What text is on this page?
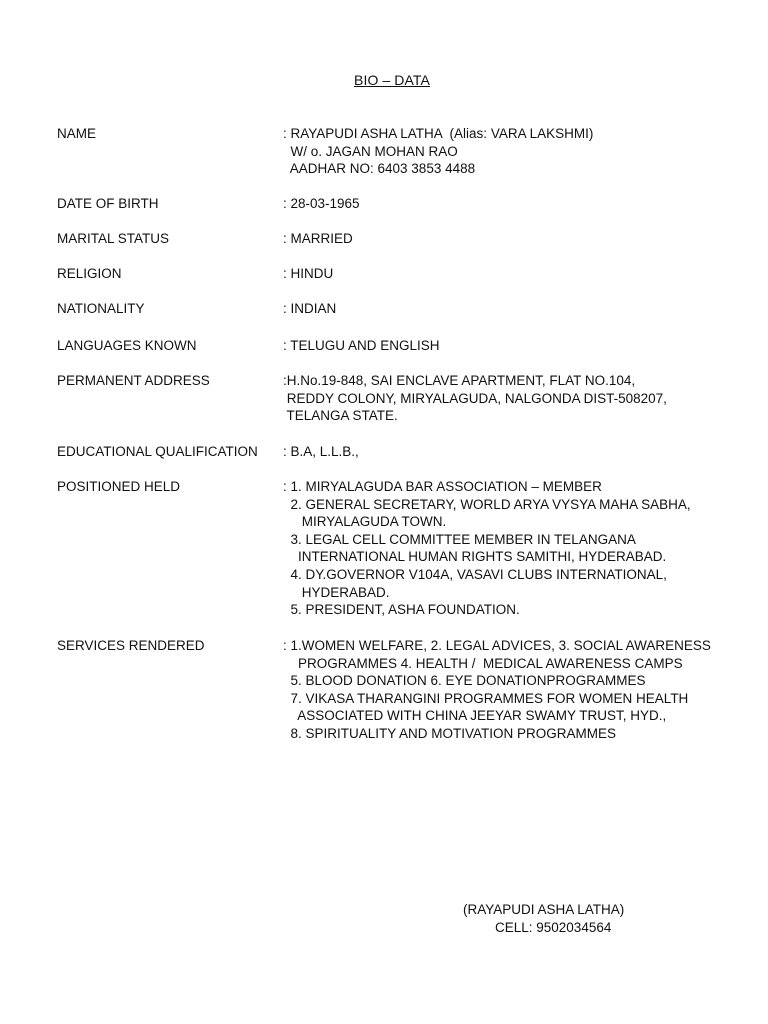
BIO – DATA
NAME	: RAYAPUDI ASHA LATHA  (Alias: VARA LAKSHMI)
W/ o. JAGAN MOHAN RAO
AADHAR NO: 6403 3853 4488
DATE OF BIRTH	: 28-03-1965
MARITAL STATUS	: MARRIED
RELIGION	: HINDU
NATIONALITY	: INDIAN
LANGUAGES KNOWN	: TELUGU AND ENGLISH
PERMANENT ADDRESS	:H.No.19-848, SAI ENCLAVE APARTMENT, FLAT NO.104,
REDDY COLONY, MIRYALAGUDA, NALGONDA DIST-508207,
TELANGA STATE.
EDUCATIONAL QUALIFICATION : B.A, L.L.B.,
POSITIONED HELD	: 1. MIRYALAGUDA BAR ASSOCIATION – MEMBER
2. GENERAL SECRETARY, WORLD ARYA VYSYA MAHA SABHA,
MIRYALAGUDA TOWN.
3. LEGAL CELL COMMITTEE MEMBER IN TELANGANA
INTERNATIONAL HUMAN RIGHTS SAMITHI, HYDERABAD.
4. DY.GOVERNOR V104A, VASAVI CLUBS INTERNATIONAL,
HYDERABAD.
5. PRESIDENT, ASHA FOUNDATION.
SERVICES RENDERED	: 1.WOMEN WELFARE, 2. LEGAL ADVICES, 3. SOCIAL AWARENESS
PROGRAMMES 4. HEALTH /  MEDICAL AWARENESS CAMPS
5. BLOOD DONATION 6. EYE DONATIONPROGRAMMES
7. VIKASA THARANGINI PROGRAMMES FOR WOMEN HEALTH
ASSOCIATED WITH CHINA JEEYAR SWAMY TRUST, HYD.,
8. SPIRITUALITY AND MOTIVATION PROGRAMMES
(RAYAPUDI ASHA LATHA)
CELL: 9502034564
